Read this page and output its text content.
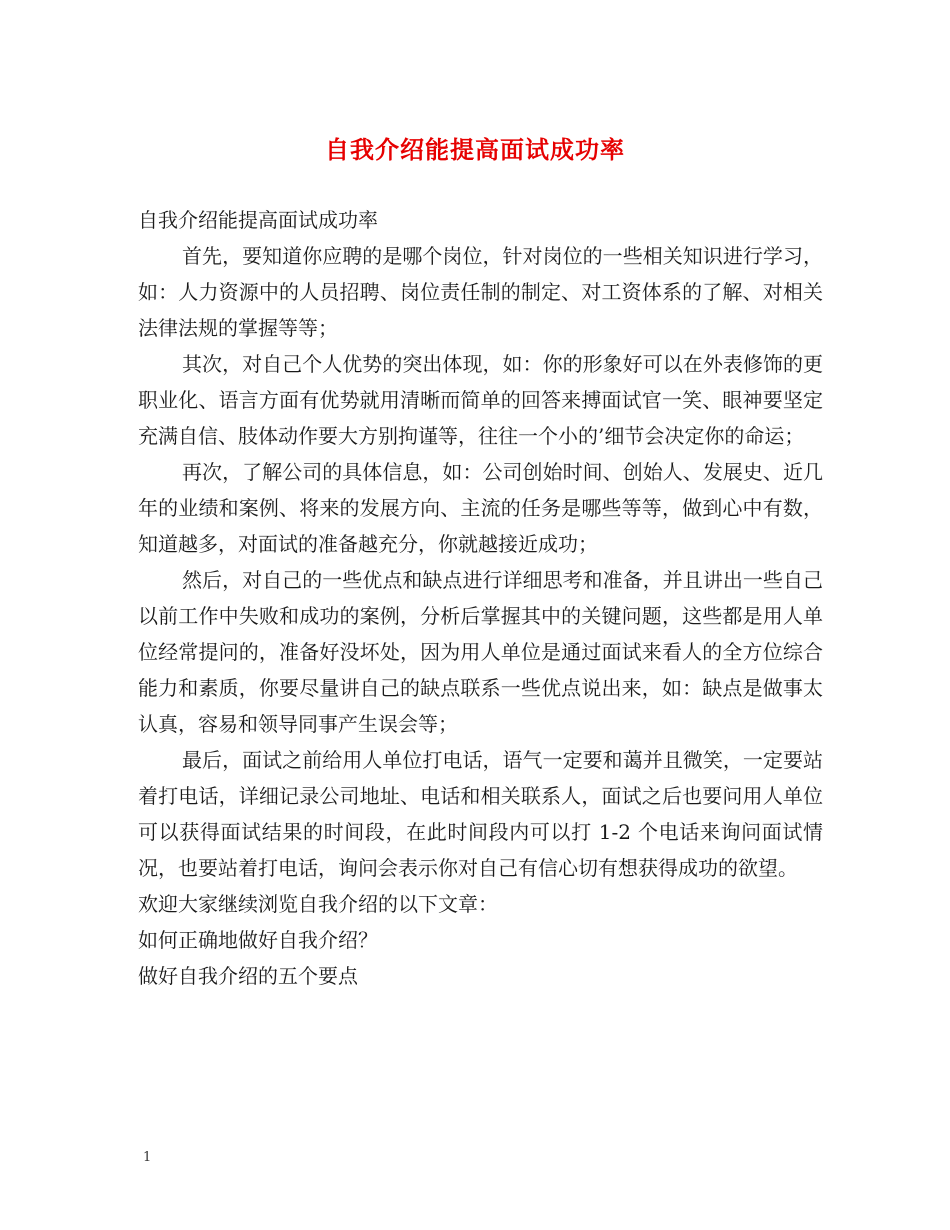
自我介绍能提高面试成功率

自我介绍能提高面试成功率

首先，要知道你应聘的是哪个岗位，针对岗位的一些相关知识进行学习，如：人力资源中的人员招聘、岗位责任制的制定、对工资体系的了解、对相关法律法规的掌握等等；

其次，对自己个人优势的突出体现，如：你的形象好可以在外表修饰的更职业化、语言方面有优势就用清晰而简单的回答来搏面试官一笑、眼神要坚定充满自信、肢体动作要大方别拘谨等，往往一个小的’细节会决定你的命运；

再次，了解公司的具体信息，如：公司创始时间、创始人、发展史、近几年的业绩和案例、将来的发展方向、主流的任务是哪些等等，做到心中有数，知道越多，对面试的准备越充分，你就越接近成功；

然后，对自己的一些优点和缺点进行详细思考和准备，并且讲出一些自己以前工作中失败和成功的案例，分析后掌握其中的关键问题，这些都是用人单位经常提问的，准备好没坏处，因为用人单位是通过面试来看人的全方位综合能力和素质，你要尽量讲自己的缺点联系一些优点说出来，如：缺点是做事太认真，容易和领导同事产生误会等；

最后，面试之前给用人单位打电话，语气一定要和蔼并且微笑，一定要站着打电话，详细记录公司地址、电话和相关联系人，面试之后也要问用人单位可以获得面试结果的时间段，在此时间段内可以打 1-2 个电话来询问面试情况，也要站着打电话，询问会表示你对自己有信心切有想获得成功的欲望。

欢迎大家继续浏览自我介绍的以下文章：

如何正确地做好自我介绍？

做好自我介绍的五个要点

1
